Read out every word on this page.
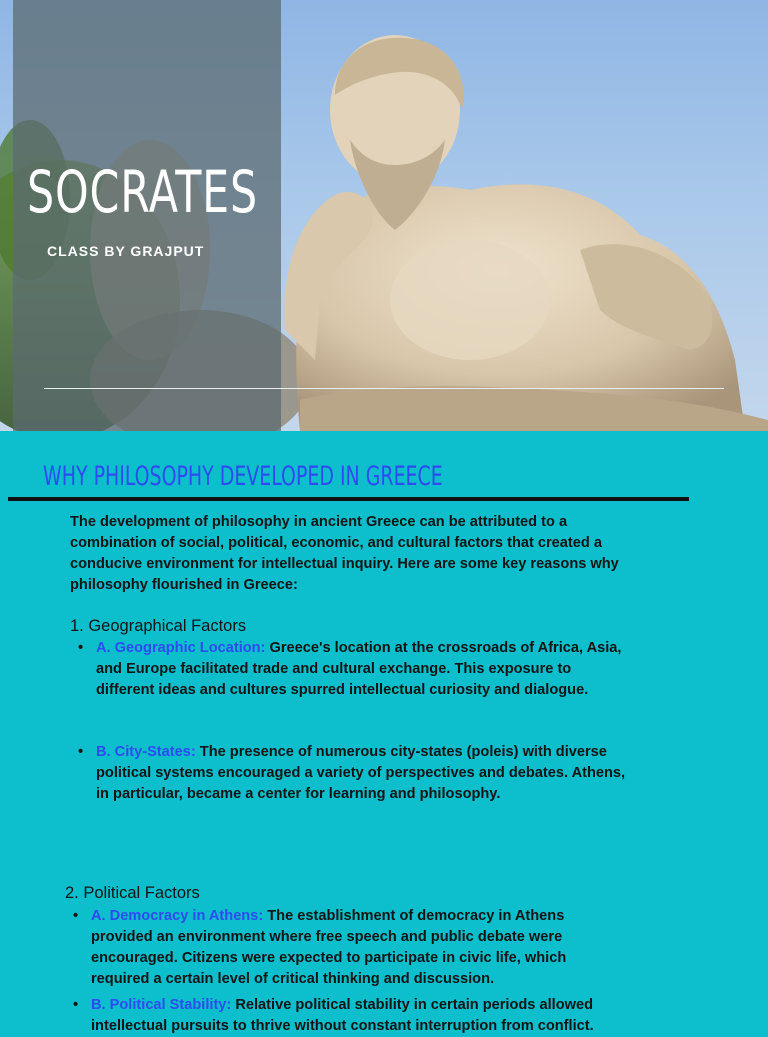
SOCRATES

CLASS BY GRAJPUT

WHY PHILOSOPHY DEVELOPED IN GREECE

The development of philosophy in ancient Greece can be attributed to a combination of social, political, economic, and cultural factors that created a conducive environment for intellectual inquiry. Here are some key reasons why philosophy flourished in Greece:

1. Geographical Factors

• A. Geographic Location: Greece's location at the crossroads of Africa, Asia, and Europe facilitated trade and cultural exchange. This exposure to different ideas and cultures spurred intellectual curiosity and dialogue.
• B. City-States: The presence of numerous city-states (poleis) with diverse political systems encouraged a variety of perspectives and debates. Athens, in particular, became a center for learning and philosophy.

2. Political Factors

• A. Democracy in Athens: The establishment of democracy in Athens provided an environment where free speech and public debate were encouraged. Citizens were expected to participate in civic life, which required a certain level of critical thinking and discussion.
• B. Political Stability: Relative political stability in certain periods allowed intellectual pursuits to thrive without constant interruption from conflict.
